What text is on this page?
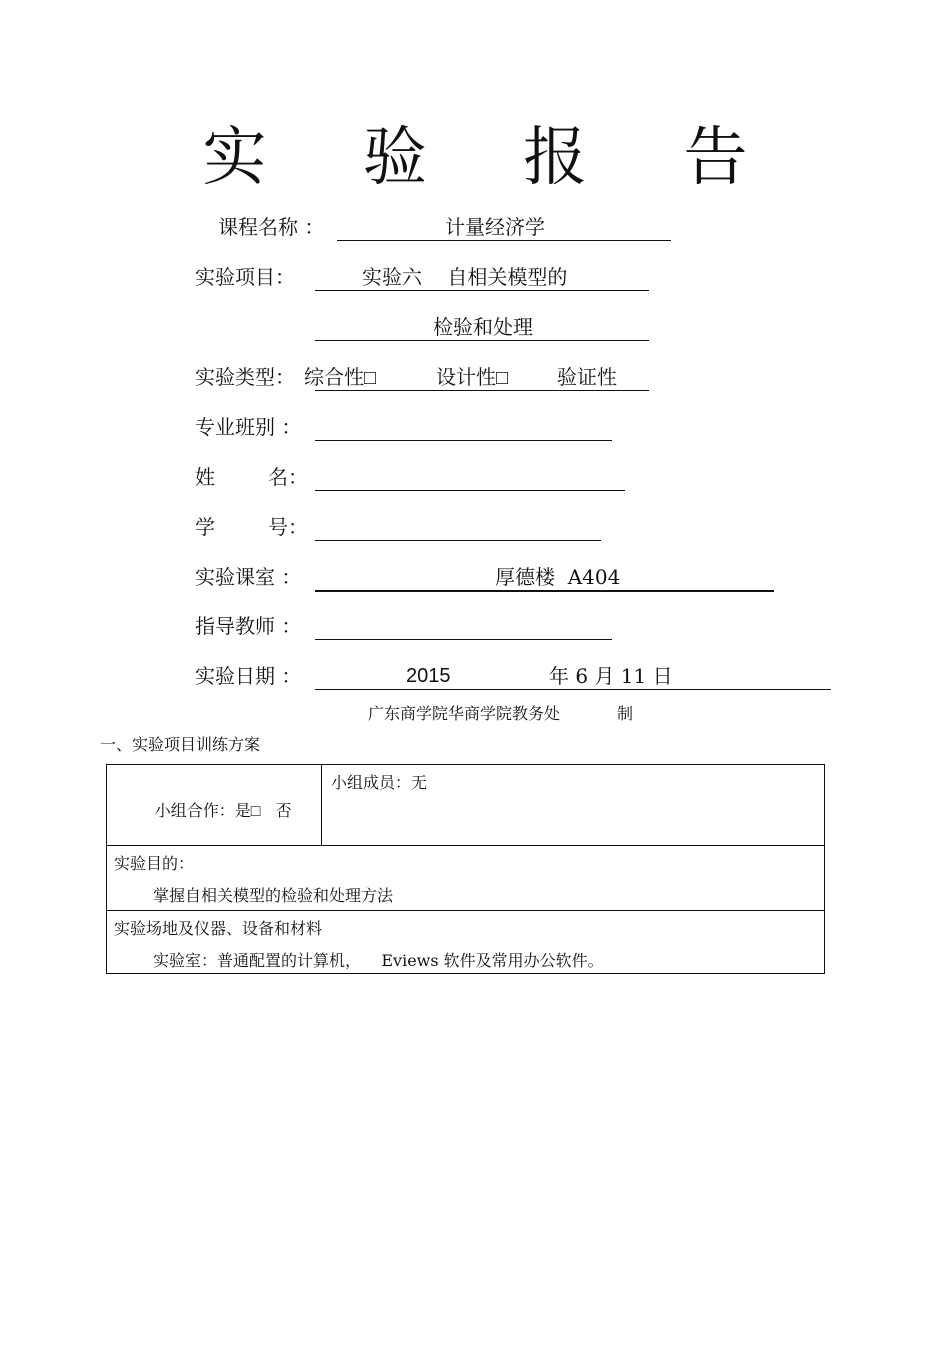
实 验 报 告
课程名称 ：

	计量经济学

实验项目：

	实验六    自相关模型的

检验和处理

实验类型：

综合性□

	设计性□

验证性

专业班别 ：

姓	名：

学	号：

实验课室 ：

	厚德楼  A404

指导教师 ：

实验日期 ：

	2015

	年 6 月 11 日

广东商学院华商学院教务处	制
一、实验项目训练方案

小组合作：是□ 否

小组成员：无

实验目的：
掌握自相关模型的检验和处理方法

实验场地及仪器、设备和材料
实验室：普通配置的计算机， Eviews 软件及常用办公软件。
